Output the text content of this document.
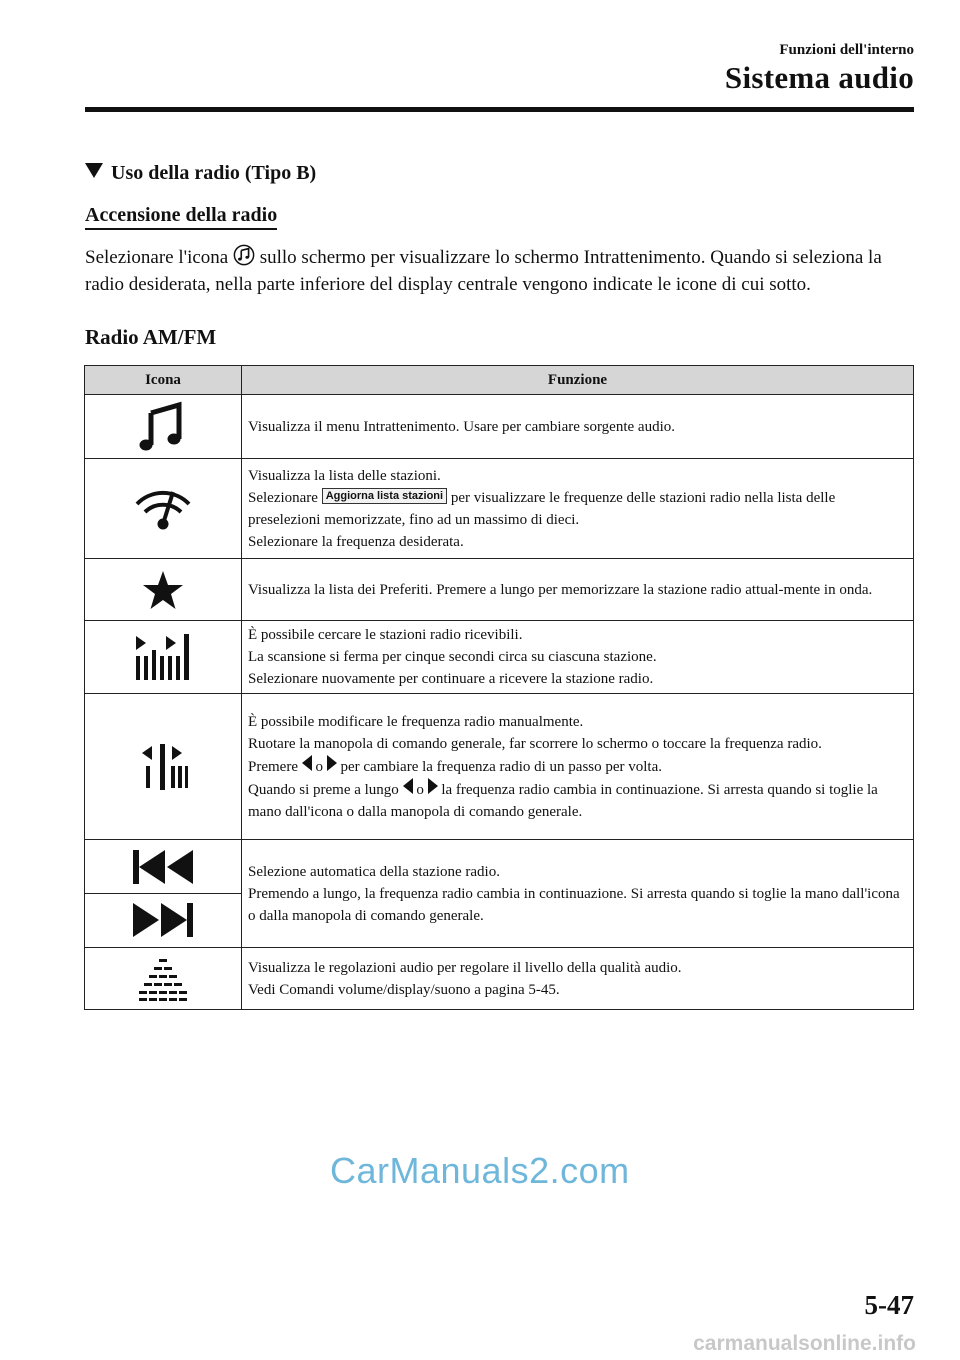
Funzioni dell'interno
Sistema audio
Uso della radio (Tipo B)
Accensione della radio
Selezionare l'icona sullo schermo per visualizzare lo schermo Intrattenimento. Quando si seleziona la radio desiderata, nella parte inferiore del display centrale vengono indicate le icone di cui sotto.
Radio AM/FM
Icona	Funzione

	Visualizza il menu Intrattenimento. Usare per cambiare sorgente audio.

Visualizza la lista delle stazioni.
Selezionare Aggiorna lista stazioni per visualizzare le frequenze delle stazioni radio nella lista delle preselezioni memorizzate, fino ad un massimo di dieci.
Selezionare la frequenza desiderata.

	Visualizza la lista dei Preferiti. Premere a lungo per memorizzare la stazione radio attual-mente in onda.

È possibile cercare le stazioni radio ricevibili.
La scansione si ferma per cinque secondi circa su ciascuna stazione.
Selezionare nuovamente per continuare a ricevere la stazione radio.

È possibile modificare le frequenza radio manualmente.
Ruotare la manopola di comando generale, far scorrere lo schermo o toccare la frequenza radio.
Premere o per cambiare la frequenza radio di un passo per volta.
Quando si preme a lungo o la frequenza radio cambia in continuazione. Si arresta quando si toglie la mano dall'icona o dalla manopola di comando generale.

Selezione automatica della stazione radio.
Premendo a lungo, la frequenza radio cambia in continuazione. Si arresta quando si toglie la mano dall'icona o dalla manopola di comando generale.

Visualizza le regolazioni audio per regolare il livello della qualità audio.
Vedi Comandi volume/display/suono a pagina 5-45.
CarManuals2.com
5-47
carmanualsonline.info
